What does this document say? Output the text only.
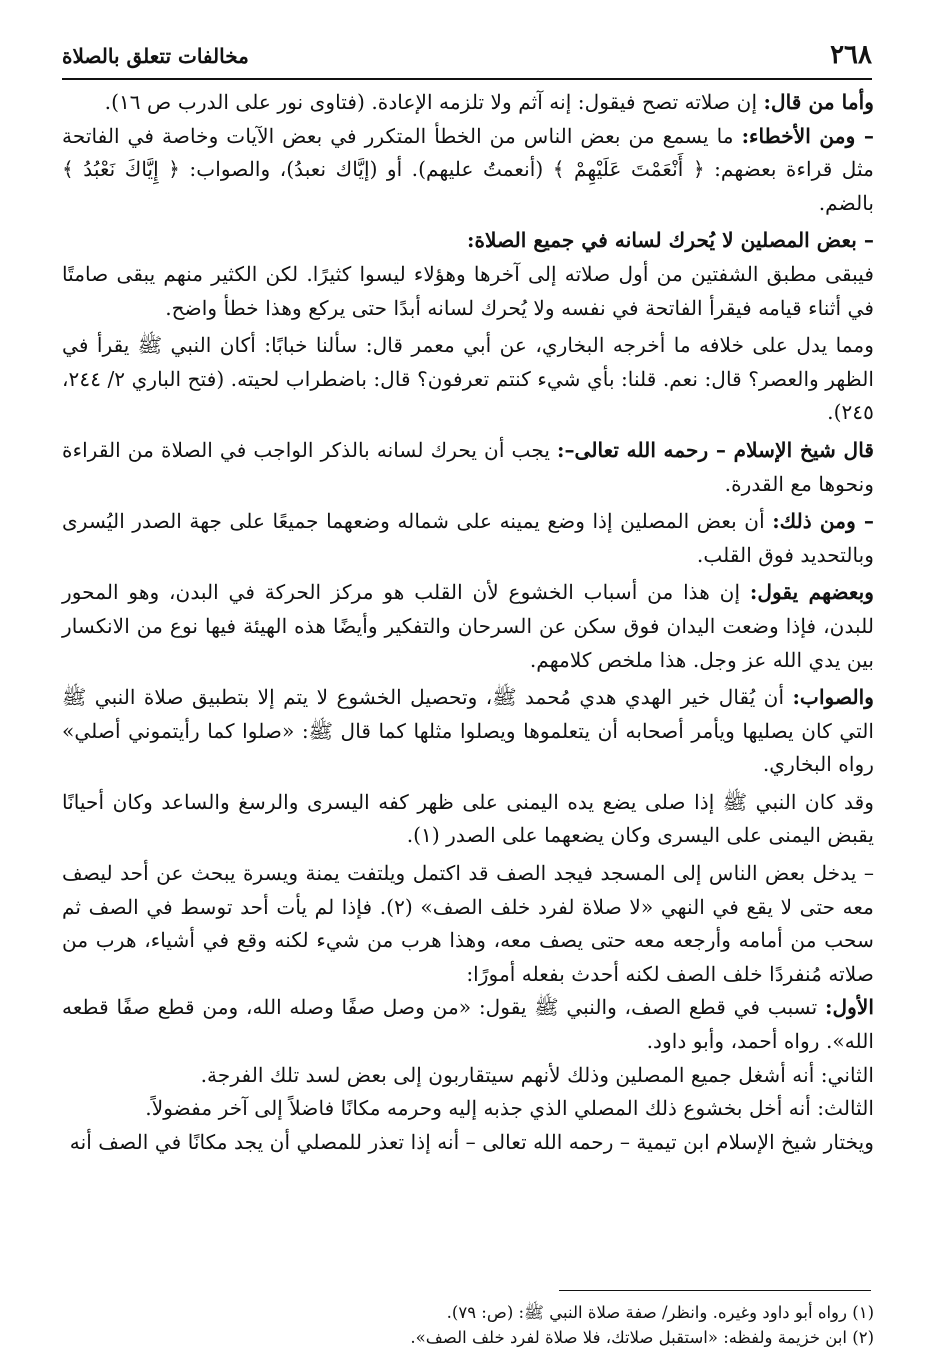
٢٦٨
مخالفات تتعلق بالصلاة

وأما من قال: إن صلاته تصح فيقول: إنه آثم ولا تلزمه الإعادة. (فتاوى نور على الدرب ص ١٦).

– ومن الأخطاء: ما يسمع من بعض الناس من الخطأ المتكرر في بعض الآيات وخاصة في الفاتحة مثل قراءة بعضهم: ﴿ أَنْعَمْتَ عَلَيْهِمْ ﴾ (أنعمتُ عليهم). أو (إيَّاك نعبدُ)، والصواب: ﴿ إِيَّاكَ نَعْبُدُ ﴾ بالضم.

– بعض المصلين لا يُحرك لسانه في جميع الصلاة:

فيبقى مطبق الشفتين من أول صلاته إلى آخرها وهؤلاء ليسوا كثيرًا. لكن الكثير منهم يبقى صامتًا في أثناء قيامه فيقرأ الفاتحة في نفسه ولا يُحرك لسانه أبدًا حتى يركع وهذا خطأ واضح.

ومما يدل على خلافه ما أخرجه البخاري، عن أبي معمر قال: سألنا خبابًا: أكان النبي ﷺ يقرأ في الظهر والعصر؟ قال: نعم. قلنا: بأي شيء كنتم تعرفون؟ قال: باضطراب لحيته. (فتح الباري ٢/ ٢٤٤، ٢٤٥).

قال شيخ الإسلام – رحمه الله تعالى–: يجب أن يحرك لسانه بالذكر الواجب في الصلاة من القراءة ونحوها مع القدرة.

– ومن ذلك: أن بعض المصلين إذا وضع يمينه على شماله وضعهما جميعًا على جهة الصدر اليُسرى وبالتحديد فوق القلب.

وبعضهم يقول: إن هذا من أسباب الخشوع لأن القلب هو مركز الحركة في البدن، وهو المحور للبدن، فإذا وضعت اليدان فوق سكن عن السرحان والتفكير وأيضًا هذه الهيئة فيها نوع من الانكسار بين يدي الله عز وجل. هذا ملخص كلامهم.

والصواب: أن يُقال خير الهدي هدي مُحمد ﷺ، وتحصيل الخشوع لا يتم إلا بتطبيق صلاة النبي ﷺ التي كان يصليها ويأمر أصحابه أن يتعلموها ويصلوا مثلها كما قال ﷺ: «صلوا كما رأيتموني أصلي» رواه البخاري.

وقد كان النبي ﷺ إذا صلى يضع يده اليمنى على ظهر كفه اليسرى والرسغ والساعد وكان أحيانًا يقبض اليمنى على اليسرى وكان يضعهما على الصدر (١).

– يدخل بعض الناس إلى المسجد فيجد الصف قد اكتمل ويلتفت يمنة ويسرة يبحث عن أحد ليصف معه حتى لا يقع في النهي «لا صلاة لفرد خلف الصف» (٢). فإذا لم يأت أحد توسط في الصف ثم سحب من أمامه وأرجعه معه حتى يصف معه، وهذا هرب من شيء لكنه وقع في أشياء، هرب من صلاته مُنفردًا خلف الصف لكنه أحدث بفعله أمورًا:

الأول: تسبب في قطع الصف، والنبي ﷺ يقول: «من وصل صفًا وصله الله، ومن قطع صفًا قطعه الله». رواه أحمد، وأبو داود.

الثاني: أنه أشغل جميع المصلين وذلك لأنهم سيتقاربون إلى بعض لسد تلك الفرجة.

الثالث: أنه أخل بخشوع ذلك المصلي الذي جذبه إليه وحرمه مكانًا فاضلاً إلى آخر مفضولاً.

ويختار شيخ الإسلام ابن تيمية – رحمه الله تعالى – أنه إذا تعذر للمصلي أن يجد مكانًا في الصف أنه

(١) رواه أبو داود وغيره. وانظر/ صفة صلاة النبي ﷺ: (ص: ٧٩).

(٢) ابن خزيمة ولفظه: «استقبل صلاتك، فلا صلاة لفرد خلف الصف».
